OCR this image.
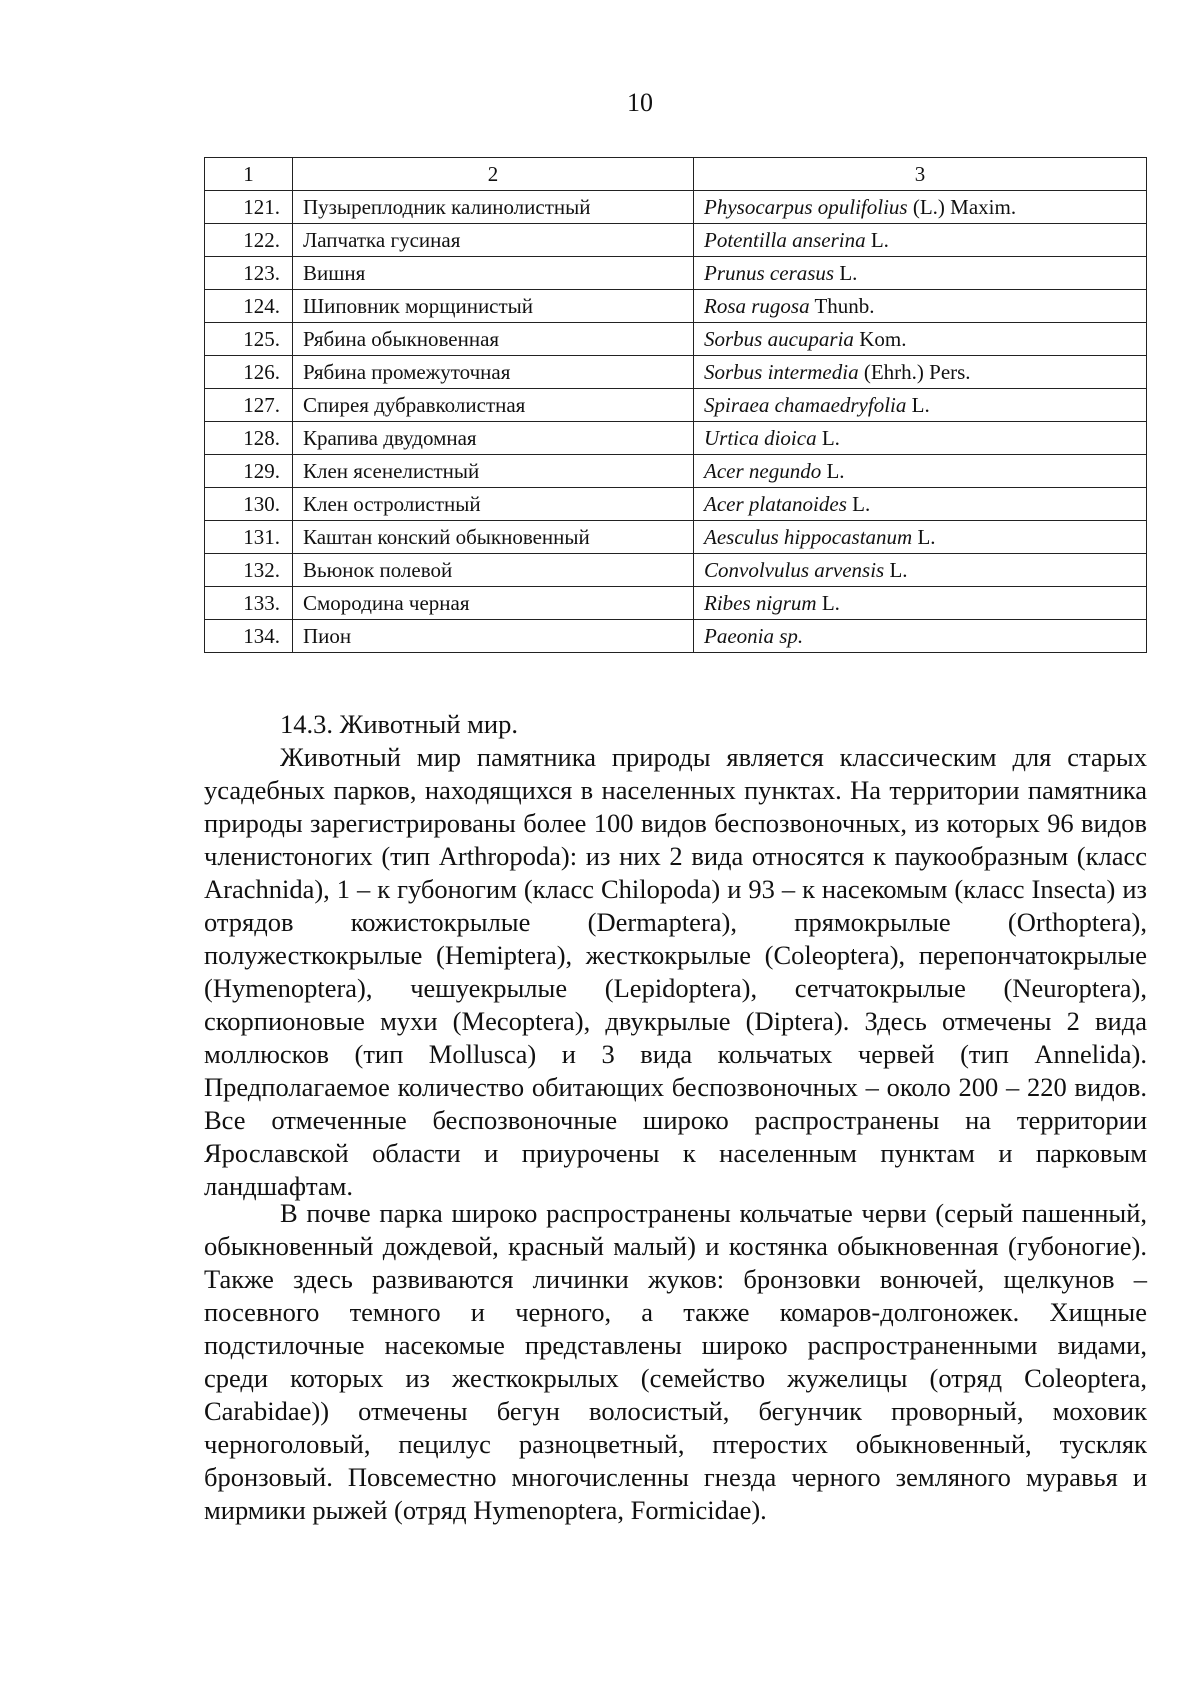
10
1	2	3
121.	Пузыреплодник калинолистный	Physocarpus opulifolius (L.) Maxim.
122.	Лапчатка гусиная	Potentilla anserina L.
123.	Вишня	Prunus cerasus L.
124.	Шиповник морщинистый	Rosa rugosa Thunb.
125.	Рябина обыкновенная	Sorbus aucuparia Kom.
126.	Рябина промежуточная	Sorbus intermedia (Ehrh.) Pers.
127.	Спирея дубравколистная	Spiraea chamaedryfolia L.
128.	Крапива двудомная	Urtica dioica L.
129.	Клен ясенелистный	Acer negundo L.
130.	Клен остролистный	Acer platanoides L.
131.	Каштан конский обыкновенный	Aesculus hippocastanum L.
132.	Вьюнок полевой	Convolvulus arvensis L.
133.	Смородина черная	Ribes nigrum L.
134.	Пион	Paeonia sp.
14.3. Животный мир.

Животный мир памятника природы является классическим для старых усадебных парков, находящихся в населенных пунктах. На территории памятника природы зарегистрированы более 100 видов беспозвоночных, из которых 96 видов членистоногих (тип Arthropoda): из них 2 вида относятся к паукообразным (класс Arachnida), 1 – к губоногим (класс Chilopoda) и 93 – к насекомым (класс Insecta) из отрядов кожистокрылые (Dermaptera), прямокрылые (Orthoptera), полужесткокрылые (Hemiptera), жесткокрылые (Coleoptera), перепончатокрылые (Hymenoptera), чешуекрылые (Lepidoptera), сетчатокрылые (Neuroptera), скорпионовые мухи (Mecoptera), двукрылые (Diptera). Здесь отмечены 2 вида моллюсков (тип Mollusca) и 3 вида кольчатых червей (тип Annelida). Предполагаемое количество обитающих беспозвоночных – около 200 – 220 видов. Все отмеченные беспозвоночные широко распространены на территории Ярославской области и приурочены к населенным пунктам и парковым ландшафтам.

В почве парка широко распространены кольчатые черви (серый пашенный, обыкновенный дождевой, красный малый) и костянка обыкновенная (губоногие). Также здесь развиваются личинки жуков: бронзовки вонючей, щелкунов – посевного темного и черного, а также комаров-долгоножек. Хищные подстилочные насекомые представлены широко распространенными видами, среди которых из жесткокрылых (семейство жужелицы (отряд Coleoptera, Carabidae)) отмечены бегун волосистый, бегунчик проворный, моховик черноголовый, пецилус разноцветный, птеростих обыкновенный, тускляк бронзовый. Повсеместно многочисленны гнезда черного земляного муравья и мирмики рыжей (отряд Hymenoptera, Formicidae).
